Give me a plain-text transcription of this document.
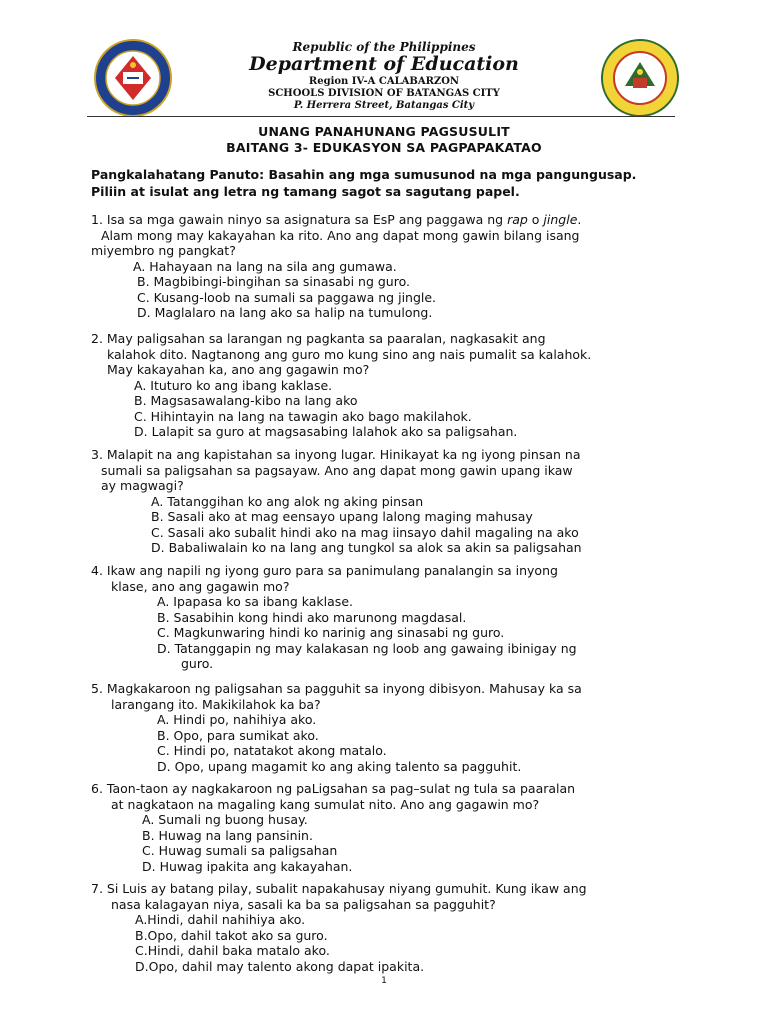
Republic of the Philippines
Department of Education
Region IV-A CALABARZON
SCHOOLS DIVISION OF BATANGAS CITY
P. Herrera Street, Batangas City
UNANG PANAHUNANG PAGSUSULIT
BAITANG 3- EDUKASYON SA PAGPAPAKATAO
Pangkalahatang Panuto: Basahin ang mga sumusunod na mga pangungusap.
Piliin at isulat ang letra ng tamang sagot sa sagutang papel.
1. Isa sa mga gawain ninyo sa asignatura sa EsP ang paggawa ng rap o jingle.
Alam mong may kakayahan ka rito. Ano ang dapat mong gawin bilang isang
miyembro ng pangkat?
A. Hahayaan na lang na sila ang gumawa.
B. Magbibingi-bingihan sa sinasabi ng guro.
C. Kusang-loob na sumali sa paggawa ng jingle.
D. Maglalaro na lang ako sa halip na tumulong.
2. May paligsahan sa larangan ng pagkanta sa paaralan, nagkasakit ang
kalahok dito. Nagtanong ang guro mo kung sino ang nais pumalit sa kalahok.
May kakayahan ka, ano ang gagawin mo?
A. Ituturo ko ang ibang kaklase.
B. Magsasawalang-kibo na lang ako
C. Hihintayin na lang na tawagin ako bago makilahok.
D. Lalapit sa guro at magsasabing lalahok ako sa paligsahan.
3. Malapit na ang kapistahan sa inyong lugar. Hinikayat ka ng iyong pinsan na
sumali sa paligsahan sa pagsayaw. Ano ang dapat mong gawin upang ikaw
ay magwagi?
A. Tatanggihan ko ang alok ng aking pinsan
B. Sasali ako at mag eensayo upang lalong maging mahusay
C. Sasali ako subalit hindi ako na mag iinsayo dahil magaling na ako
D. Babaliwalain ko na lang ang tungkol sa alok sa akin sa paligsahan
4. Ikaw ang napili ng iyong guro para sa panimulang panalangin sa inyong
klase, ano ang gagawin mo?
A. Ipapasa ko sa ibang kaklase.
B. Sasabihin kong hindi ako marunong magdasal.
C. Magkunwaring hindi ko narinig ang sinasabi ng guro.
D. Tatanggapin ng may kalakasan ng loob ang gawaing ibinigay ng
guro.
5. Magkakaroon ng paligsahan sa pagguhit sa inyong dibisyon. Mahusay ka sa
larangang ito. Makikilahok ka ba?
A. Hindi po, nahihiya ako.
B. Opo, para sumikat ako.
C. Hindi po, natatakot akong matalo.
D. Opo, upang magamit ko ang aking talento sa pagguhit.
6. Taon-taon ay nagkakaroon ng paLigsahan sa pag–sulat ng tula sa paaralan
at nagkataon na magaling kang sumulat nito. Ano ang gagawin mo?
A. Sumali ng buong husay.
B. Huwag na lang pansinin.
C. Huwag sumali sa paligsahan
D. Huwag ipakita ang kakayahan.
7. Si Luis ay batang pilay, subalit napakahusay niyang gumuhit. Kung ikaw ang
nasa kalagayan niya, sasali ka ba sa paligsahan sa pagguhit?
A.Hindi, dahil nahihiya ako.
B.Opo, dahil takot ako sa guro.
C.Hindi, dahil baka matalo ako.
D.Opo, dahil may talento akong dapat ipakita.
1
